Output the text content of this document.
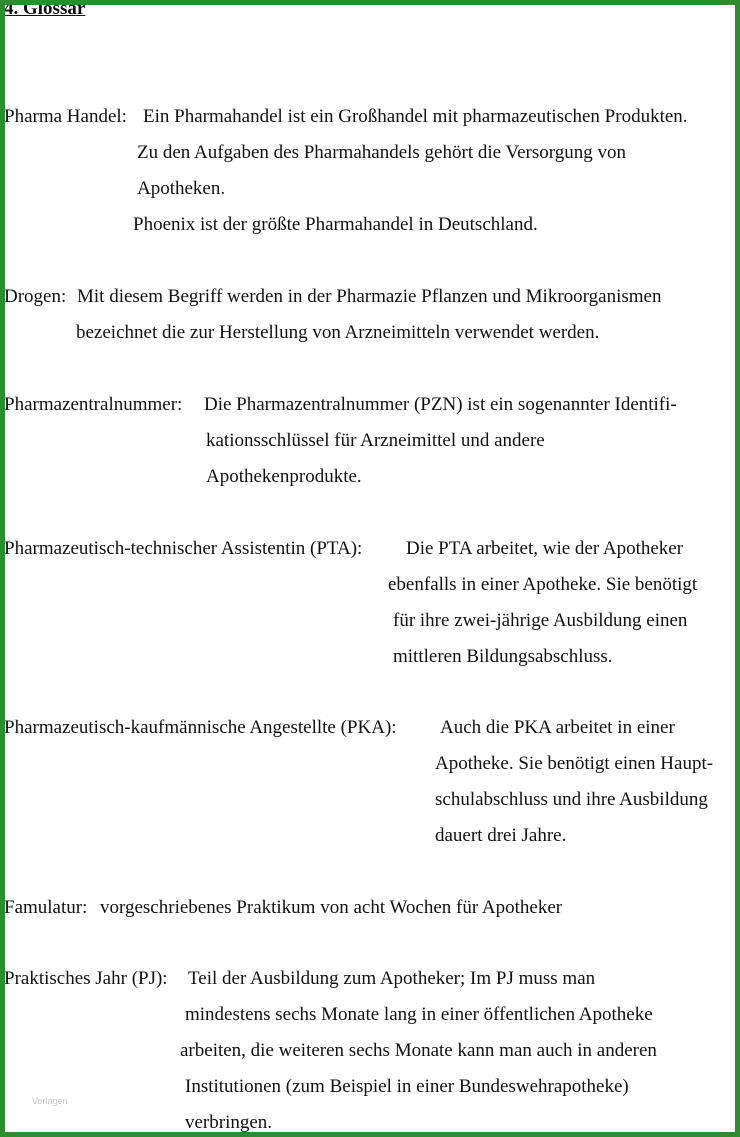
4. Glossar
Pharma Handel: Ein Pharmahandel ist ein Großhandel mit pharmazeutischen Produkten.
Zu den Aufgaben des Pharmahandels gehört die Versorgung von
Apotheken.
Phoenix ist der größte Pharmahandel in Deutschland.
Drogen: Mit diesem Begriff werden in der Pharmazie Pflanzen und Mikroorganismen
bezeichnet die zur Herstellung von Arzneimitteln verwendet werden.
Pharmazentralnummer: Die Pharmazentralnummer (PZN) ist ein sogenannter Identifi-
kationsschlüssel für Arzneimittel und andere
Apothekenprodukte.
Pharmazeutisch-technischer Assistentin (PTA): Die PTA arbeitet, wie der Apotheker
ebenfalls in einer Apotheke. Sie benötigt
für ihre zwei-jährige Ausbildung einen
mittleren Bildungsabschluss.
Pharmazeutisch-kaufmännische Angestellte (PKA): Auch die PKA arbeitet in einer
Apotheke. Sie benötigt einen Haupt-
schulabschluss und ihre Ausbildung
dauert drei Jahre.
Famulatur: vorgeschriebenes Praktikum von acht Wochen für Apotheker
Praktisches Jahr (PJ): Teil der Ausbildung zum Apotheker; Im PJ muss man
mindestens sechs Monate lang in einer öffentlichen Apotheke
arbeiten, die weiteren sechs Monate kann man auch in anderen
Institutionen (zum Beispiel in einer Bundeswehrapotheke)
verbringen.
Vorlagen
